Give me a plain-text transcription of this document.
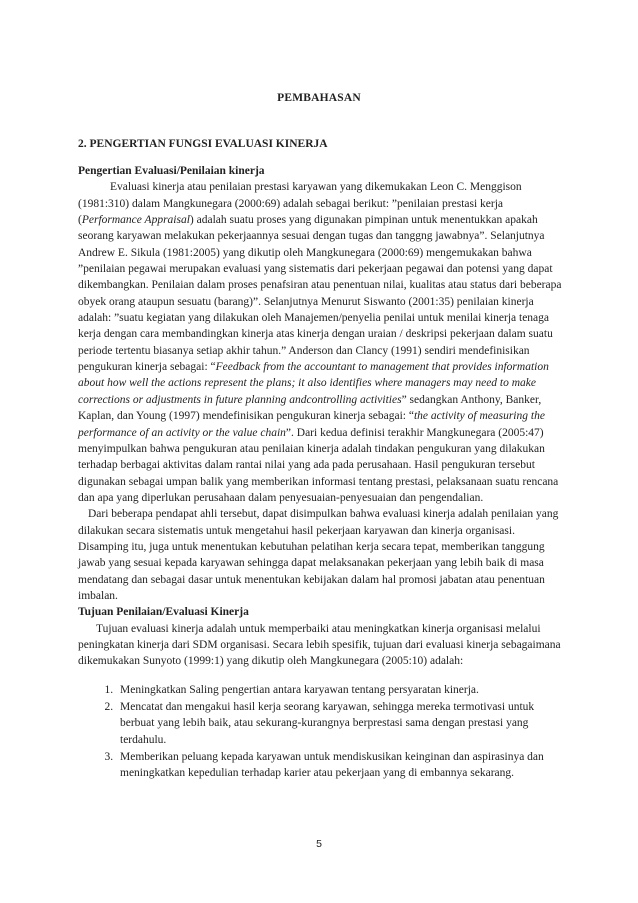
PEMBAHASAN
2. PENGERTIAN FUNGSI EVALUASI KINERJA

Pengertian Evaluasi/Penilaian kinerja

Evaluasi kinerja atau penilaian prestasi karyawan yang dikemukakan Leon C. Menggison (1981:310) dalam Mangkunegara (2000:69) adalah sebagai berikut: ”penilaian prestasi kerja (Performance Appraisal) adalah suatu proses yang digunakan pimpinan untuk menentukkan apakah seorang karyawan melakukan pekerjaannya sesuai dengan tugas dan tanggng jawabnya”. Selanjutnya Andrew E. Sikula (1981:2005) yang dikutip oleh Mangkunegara (2000:69) mengemukakan bahwa ”penilaian pegawai merupakan evaluasi yang sistematis dari pekerjaan pegawai dan potensi yang dapat dikembangkan. Penilaian dalam proses penafsiran atau penentuan nilai, kualitas atau status dari beberapa obyek orang ataupun sesuatu (barang)”. Selanjutnya Menurut Siswanto (2001:35) penilaian kinerja adalah: ”suatu kegiatan yang dilakukan oleh Manajemen/penyelia penilai untuk menilai kinerja tenaga kerja dengan cara membandingkan kinerja atas kinerja dengan uraian / deskripsi pekerjaan dalam suatu periode tertentu biasanya setiap akhir tahun.” Anderson dan Clancy (1991) sendiri mendefinisikan pengukuran kinerja sebagai: “Feedback from the accountant to management that provides information about how well the actions represent the plans; it also identifies where managers may need to make corrections or adjustments in future planning andcontrolling activities” sedangkan Anthony, Banker, Kaplan, dan Young (1997) mendefinisikan pengukuran kinerja sebagai: “the activity of measuring the performance of an activity or the value chain”. Dari kedua definisi terakhir Mangkunegara (2005:47) menyimpulkan bahwa pengukuran atau penilaian kinerja adalah tindakan pengukuran yang dilakukan terhadap berbagai aktivitas dalam rantai nilai yang ada pada perusahaan. Hasil pengukuran tersebut digunakan sebagai umpan balik yang memberikan informasi tentang prestasi, pelaksanaan suatu rencana dan apa yang diperlukan perusahaan dalam penyesuaian-penyesuaian dan pengendalian.

Dari beberapa pendapat ahli tersebut, dapat disimpulkan bahwa evaluasi kinerja adalah penilaian yang dilakukan secara sistematis untuk mengetahui hasil pekerjaan karyawan dan kinerja organisasi. Disamping itu, juga untuk menentukan kebutuhan pelatihan kerja secara tepat, memberikan tanggung jawab yang sesuai kepada karyawan sehingga dapat melaksanakan pekerjaan yang lebih baik di masa mendatang dan sebagai dasar untuk menentukan kebijakan dalam hal promosi jabatan atau penentuan imbalan.

Tujuan Penilaian/Evaluasi Kinerja

Tujuan evaluasi kinerja adalah untuk memperbaiki atau meningkatkan kinerja organisasi melalui peningkatan kinerja dari SDM organisasi. Secara lebih spesifik, tujuan dari evaluasi kinerja sebagaimana dikemukakan Sunyoto (1999:1) yang dikutip oleh Mangkunegara (2005:10) adalah:

1. Meningkatkan Saling pengertian antara karyawan tentang persyaratan kinerja.
2. Mencatat dan mengakui hasil kerja seorang karyawan, sehingga mereka termotivasi untuk berbuat yang lebih baik, atau sekurang-kurangnya berprestasi sama dengan prestasi yang terdahulu.
3. Memberikan peluang kepada karyawan untuk mendiskusikan keinginan dan aspirasinya dan meningkatkan kepedulian terhadap karier atau pekerjaan yang di embannya sekarang.
5
